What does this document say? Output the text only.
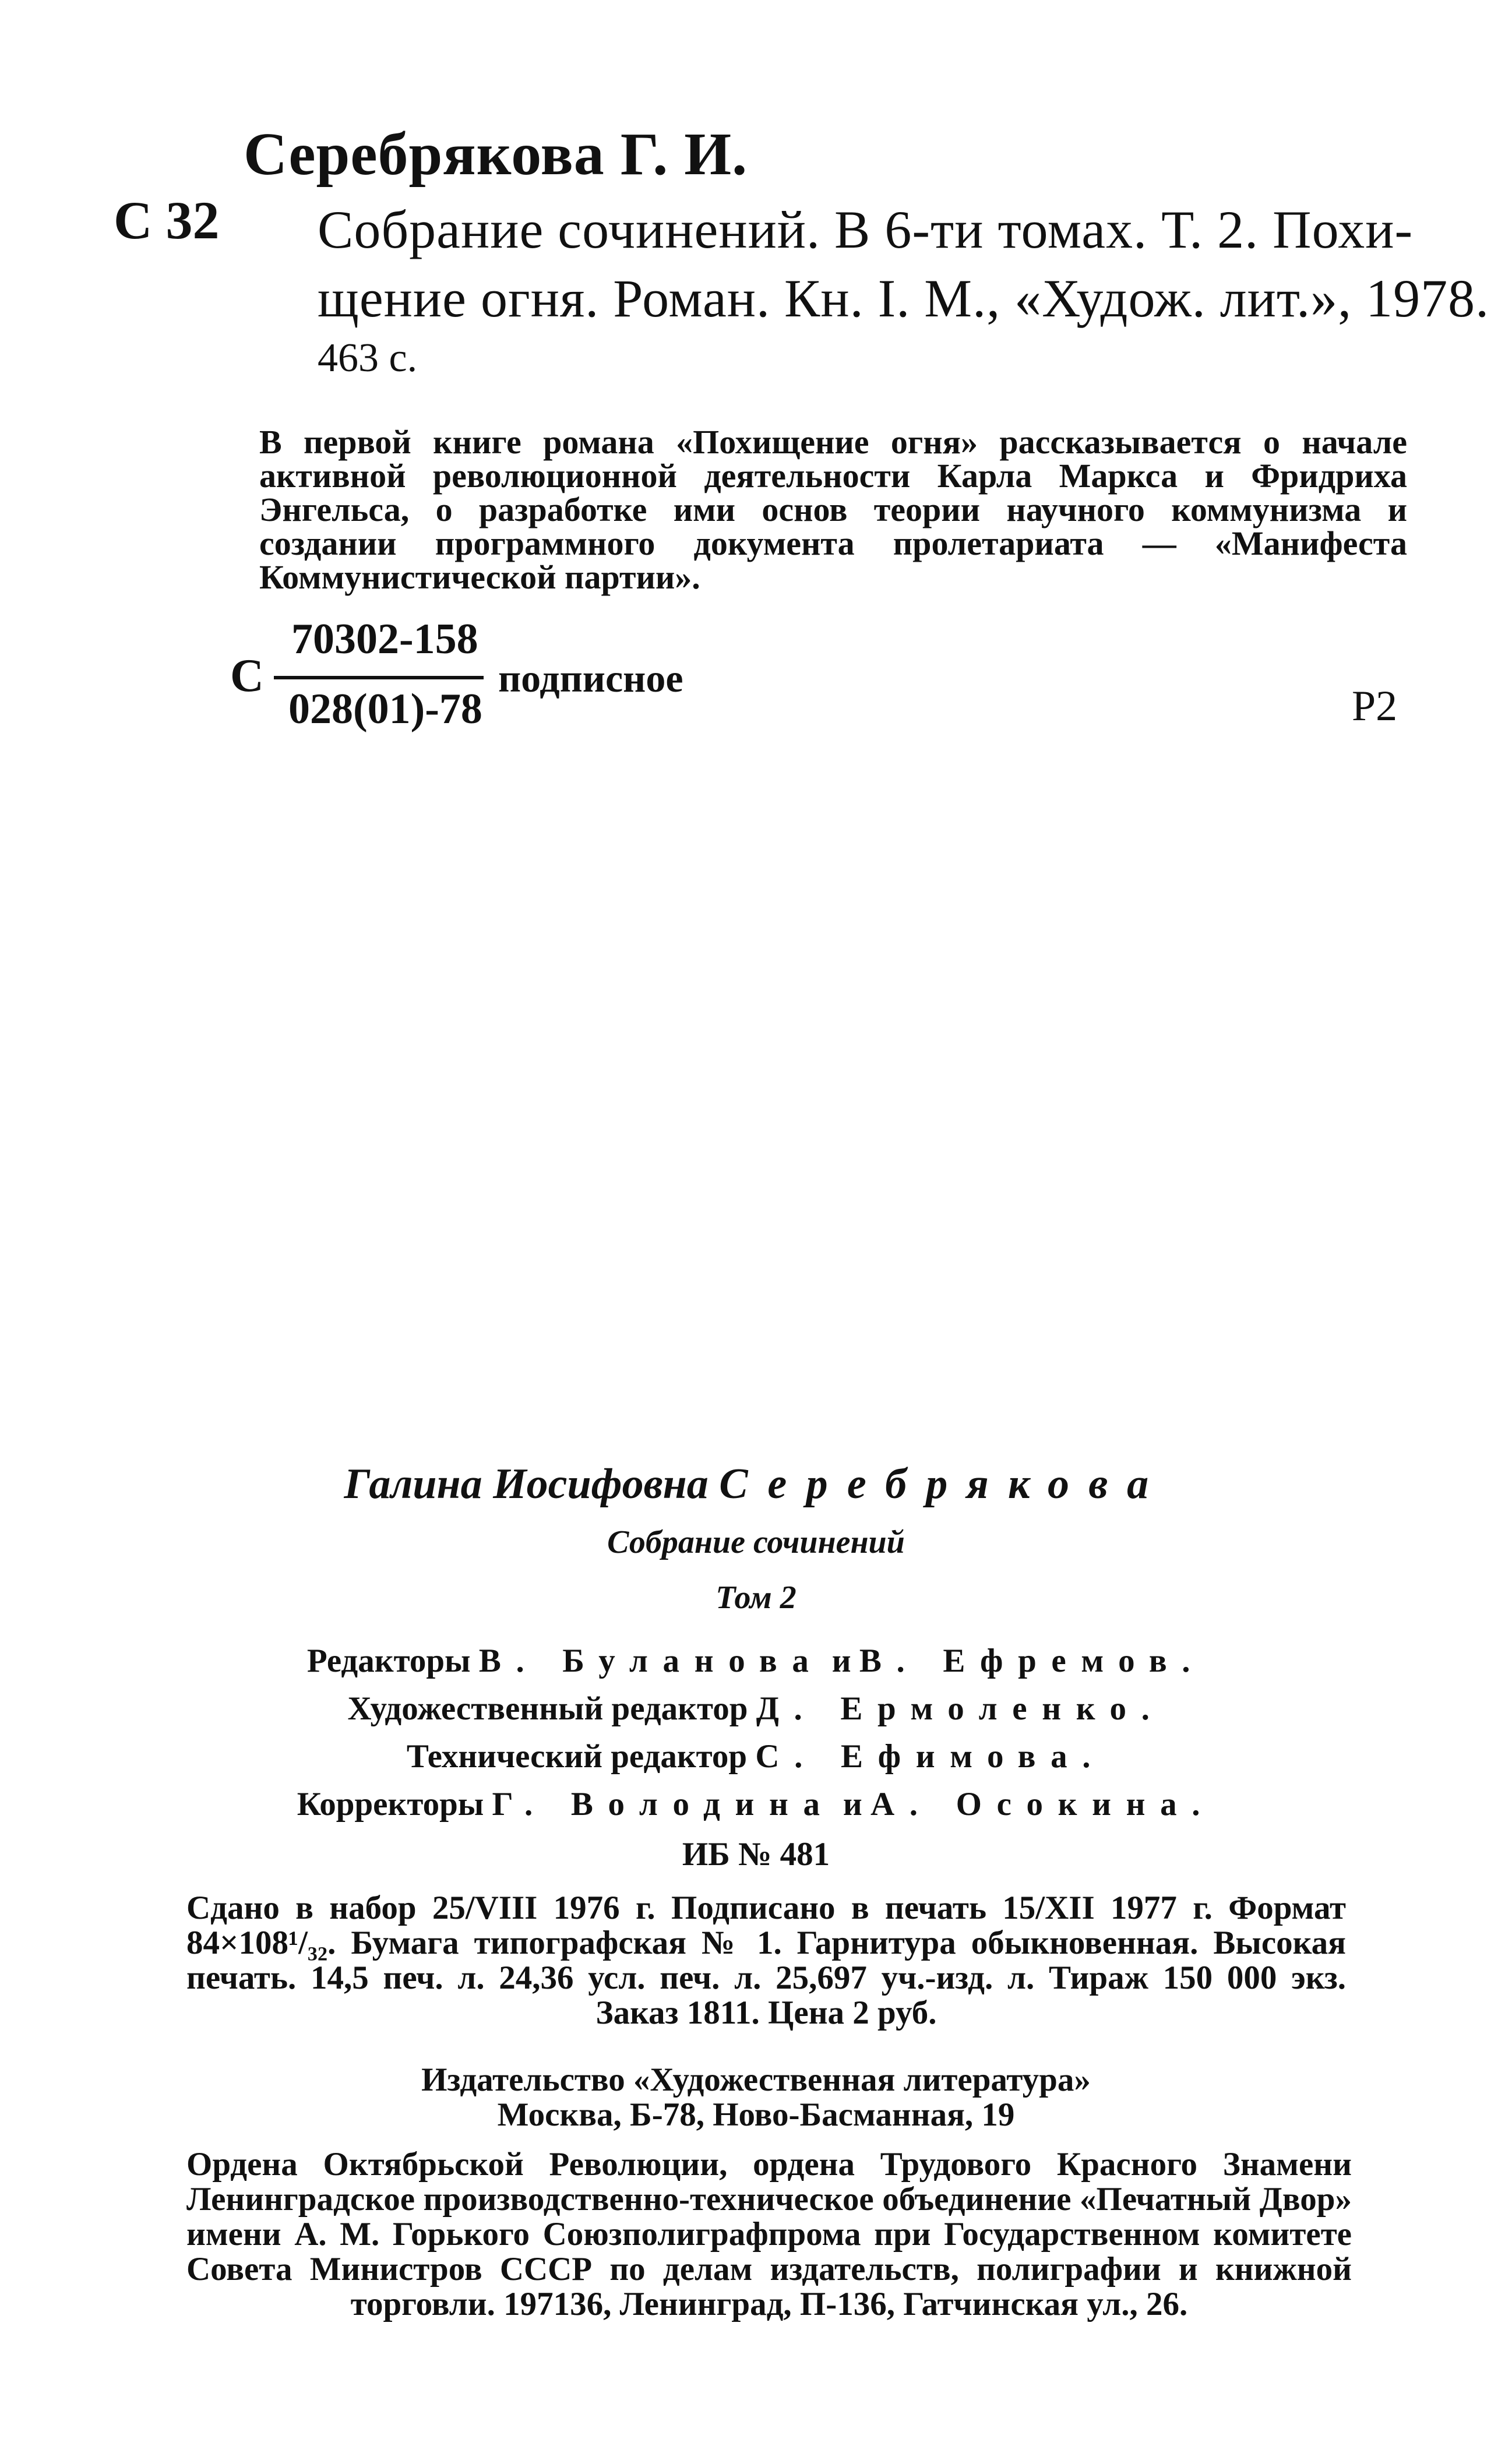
Серебрякова Г. И.
С 32 Собрание сочинений. В 6-ти томах. Т. 2. Похи-
щение огня. Роман. Кн. I. М., «Худож. лит.», 1978.
463 с.
В первой книге романа «Похищение огня» рассказывается о начале активной революционной деятельности Карла Маркса и Фридриха Энгельса, о разработке ими основ теории научного коммунизма и создании программного документа пролетариата — «Манифеста Коммунистической партии».
С
70302-158
028(01)-78
подписное
Р2
Галина Иосифовна Серебрякова
Собрание сочинений
Том 2
Редакторы В. Буланова и В. Ефремов.
Художественный редактор Д. Ермоленко.
Технический редактор С. Ефимова.
Корректоры Г. Володина и А. Осокина.
ИБ № 481
Сдано в набор 25/VIII 1976 г. Подписано в печать 15/XII 1977 г. Формат 84×108¹/₃₂. Бумага типографская № 1. Гарнитура обыкновенная. Высокая печать. 14,5 печ. л. 24,36 усл. печ. л. 25,697 уч.-изд. л. Тираж 150 000 экз. Заказ 1811. Цена 2 руб.
Издательство «Художественная литература»
Москва, Б-78, Ново-Басманная, 19
Ордена Октябрьской Революции, ордена Трудового Красного Знамени Ленинградское производственно-техническое объединение «Печатный Двор» имени А. М. Горького Союзполиграфпрома при Государственном комитете Совета Министров СССР по делам издательств, полиграфии и книжной торговли. 197136, Ленинград, П-136, Гатчинская ул., 26.
